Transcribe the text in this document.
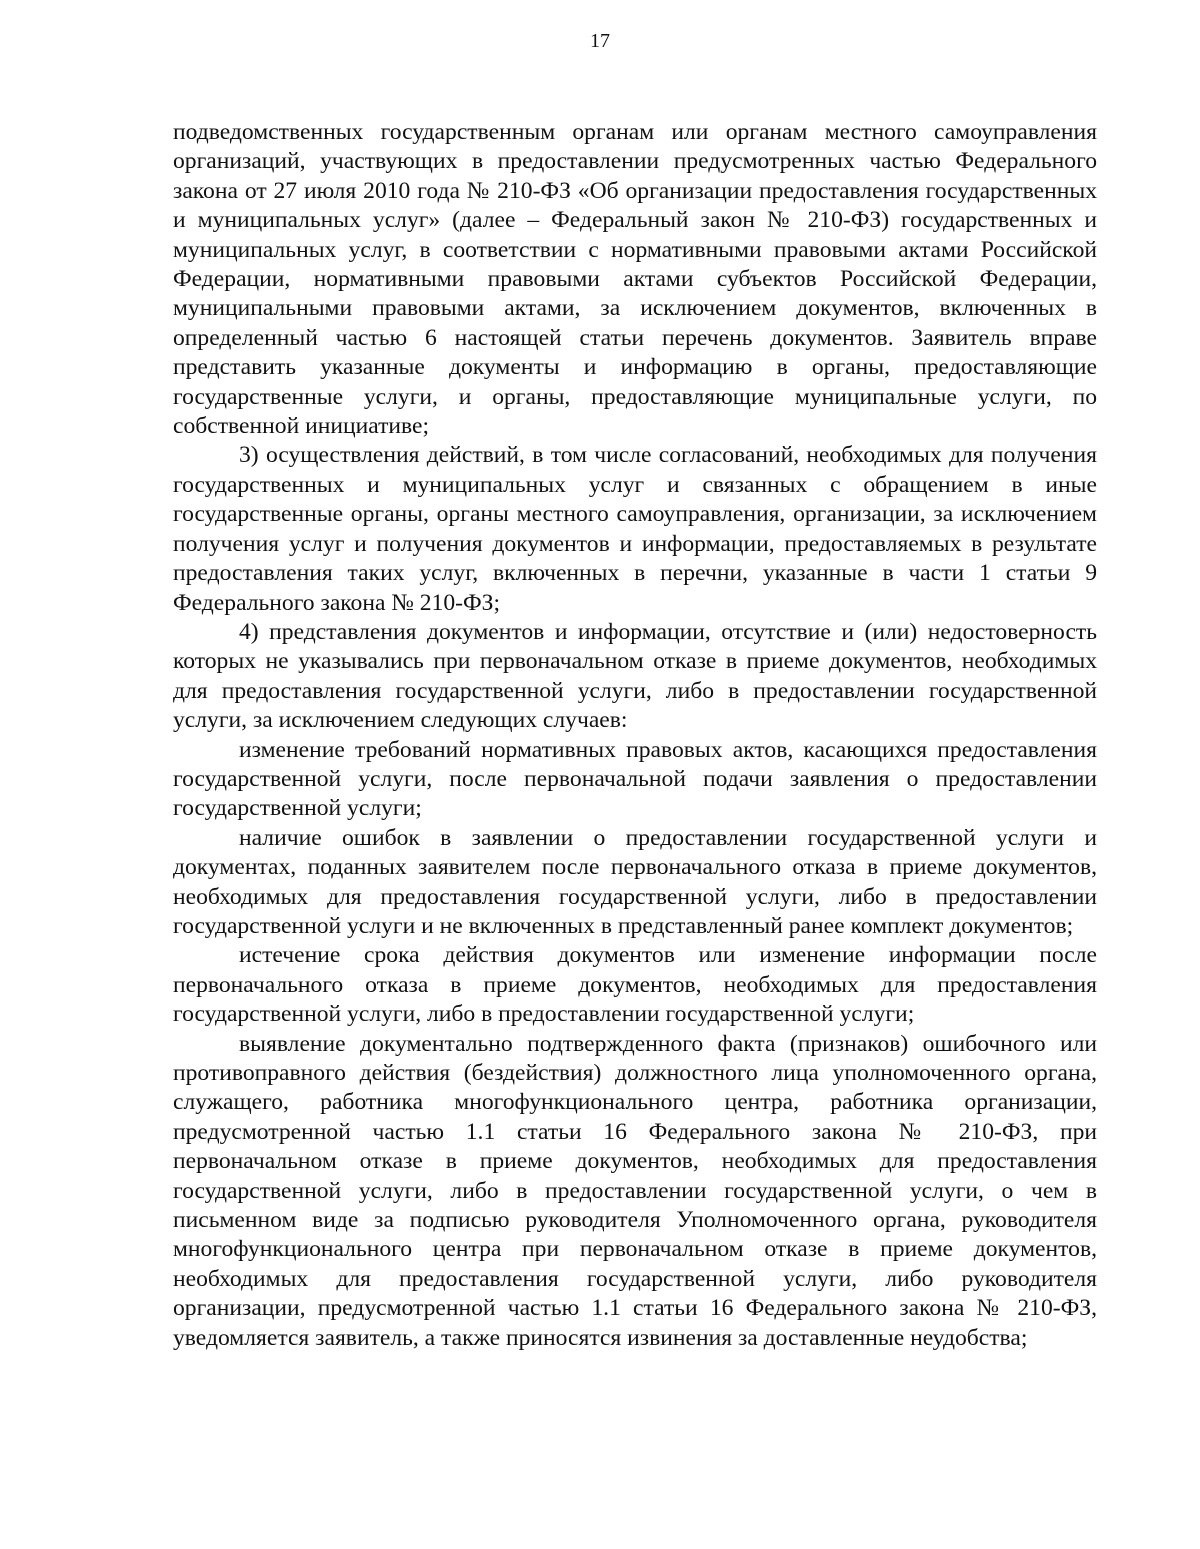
17

подведомственных государственным органам или органам местного самоуправления организаций, участвующих в предоставлении предусмотренных частью Федерального закона от 27 июля 2010 года № 210-ФЗ «Об организации предоставления государственных и муниципальных услуг» (далее – Федеральный закон № 210-ФЗ) государственных и муниципальных услуг, в соответствии с нормативными правовыми актами Российской Федерации, нормативными правовыми актами субъектов Российской Федерации, муниципальными правовыми актами, за исключением документов, включенных в определенный частью 6 настоящей статьи перечень документов. Заявитель вправе представить указанные документы и информацию в органы, предоставляющие государственные услуги, и органы, предоставляющие муниципальные услуги, по собственной инициативе;

3) осуществления действий, в том числе согласований, необходимых для получения государственных и муниципальных услуг и связанных с обращением в иные государственные органы, органы местного самоуправления, организации, за исключением получения услуг и получения документов и информации, предоставляемых в результате предоставления таких услуг, включенных в перечни, указанные в части 1 статьи 9 Федерального закона № 210-ФЗ;

4) представления документов и информации, отсутствие и (или) недостоверность которых не указывались при первоначальном отказе в приеме документов, необходимых для предоставления государственной услуги, либо в предоставлении государственной услуги, за исключением следующих случаев:

изменение требований нормативных правовых актов, касающихся предоставления государственной услуги, после первоначальной подачи заявления о предоставлении государственной услуги;

наличие ошибок в заявлении о предоставлении государственной услуги и документах, поданных заявителем после первоначального отказа в приеме документов, необходимых для предоставления государственной услуги, либо в предоставлении государственной услуги и не включенных в представленный ранее комплект документов;

истечение срока действия документов или изменение информации после первоначального отказа в приеме документов, необходимых для предоставления государственной услуги, либо в предоставлении государственной услуги;

выявление документально подтвержденного факта (признаков) ошибочного или противоправного действия (бездействия) должностного лица уполномоченного органа, служащего, работника многофункционального центра, работника организации, предусмотренной частью 1.1 статьи 16 Федерального закона № 210-ФЗ, при первоначальном отказе в приеме документов, необходимых для предоставления государственной услуги, либо в предоставлении государственной услуги, о чем в письменном виде за подписью руководителя Уполномоченного органа, руководителя многофункционального центра при первоначальном отказе в приеме документов, необходимых для предоставления государственной услуги, либо руководителя организации, предусмотренной частью 1.1 статьи 16 Федерального закона № 210-ФЗ, уведомляется заявитель, а также приносятся извинения за доставленные неудобства;
